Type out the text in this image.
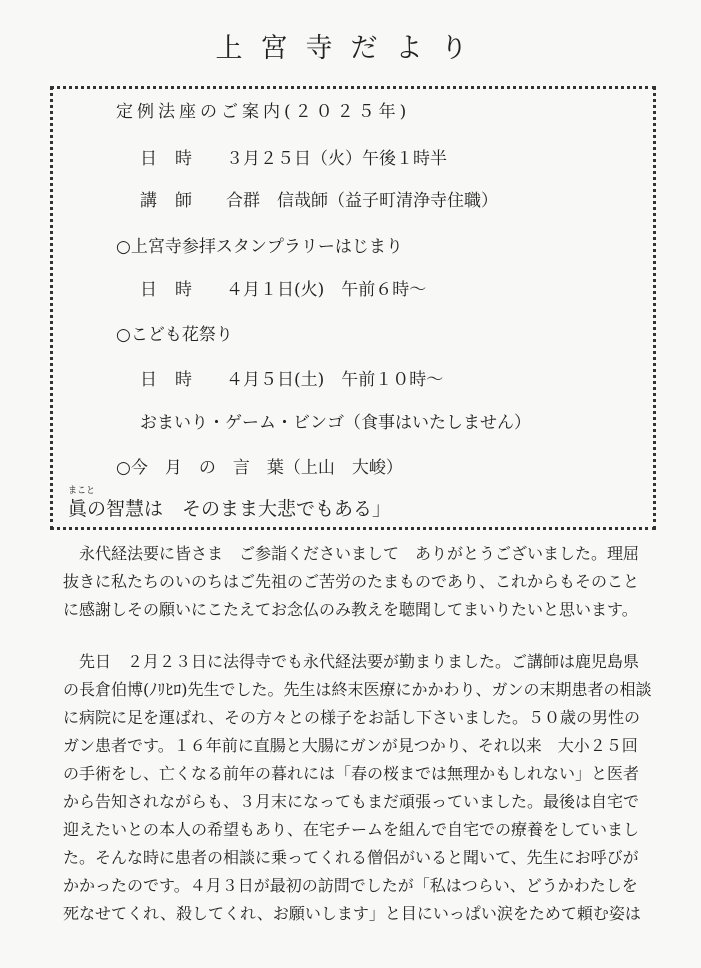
上宮寺だより
定例法座のご案内(２０２５年)
日時 ３月２５日（火）午後１時半
講師 合群　信哉師（益子町清浄寺住職）
○上宮寺参拝スタンプラリーはじまり
日時 ４月１日(火)　午前６時～
○こども花祭り
日時 ４月５日(土)　午前１０時～
おまいり・ゲーム・ビンゴ（食事はいたしません）
○今　月　の　言　葉（上山　大峻）
まこと
眞の智慧は　そのまま大悲でもある」
　永代経法要に皆さま　ご参詣くださいまして　ありがとうございました。理屈
抜きに私たちのいのちはご先祖のご苦労のたまものであり、これからもそのこと
に感謝しその願いにこたえてお念仏のみ教えを聴聞してまいりたいと思います。
　先日　２月２３日に法得寺でも永代経法要が勤まりました。ご講師は鹿児島県
の長倉伯博(ﾉﾘﾋﾛ)先生でした。先生は終末医療にかかわり、ガンの末期患者の相談
に病院に足を運ばれ、その方々との様子をお話し下さいました。５０歳の男性の
ガン患者です。１６年前に直腸と大腸にガンが見つかり、それ以来　大小２５回
の手術をし、亡くなる前年の暮れには「春の桜までは無理かもしれない」と医者
から告知されながらも、３月末になってもまだ頑張っていました。最後は自宅で
迎えたいとの本人の希望もあり、在宅チームを組んで自宅での療養をしていまし
た。そんな時に患者の相談に乗ってくれる僧侶がいると聞いて、先生にお呼びが
かかったのです。４月３日が最初の訪問でしたが「私はつらい、どうかわたしを
死なせてくれ、殺してくれ、お願いします」と目にいっぱい涙をためて頼む姿は
